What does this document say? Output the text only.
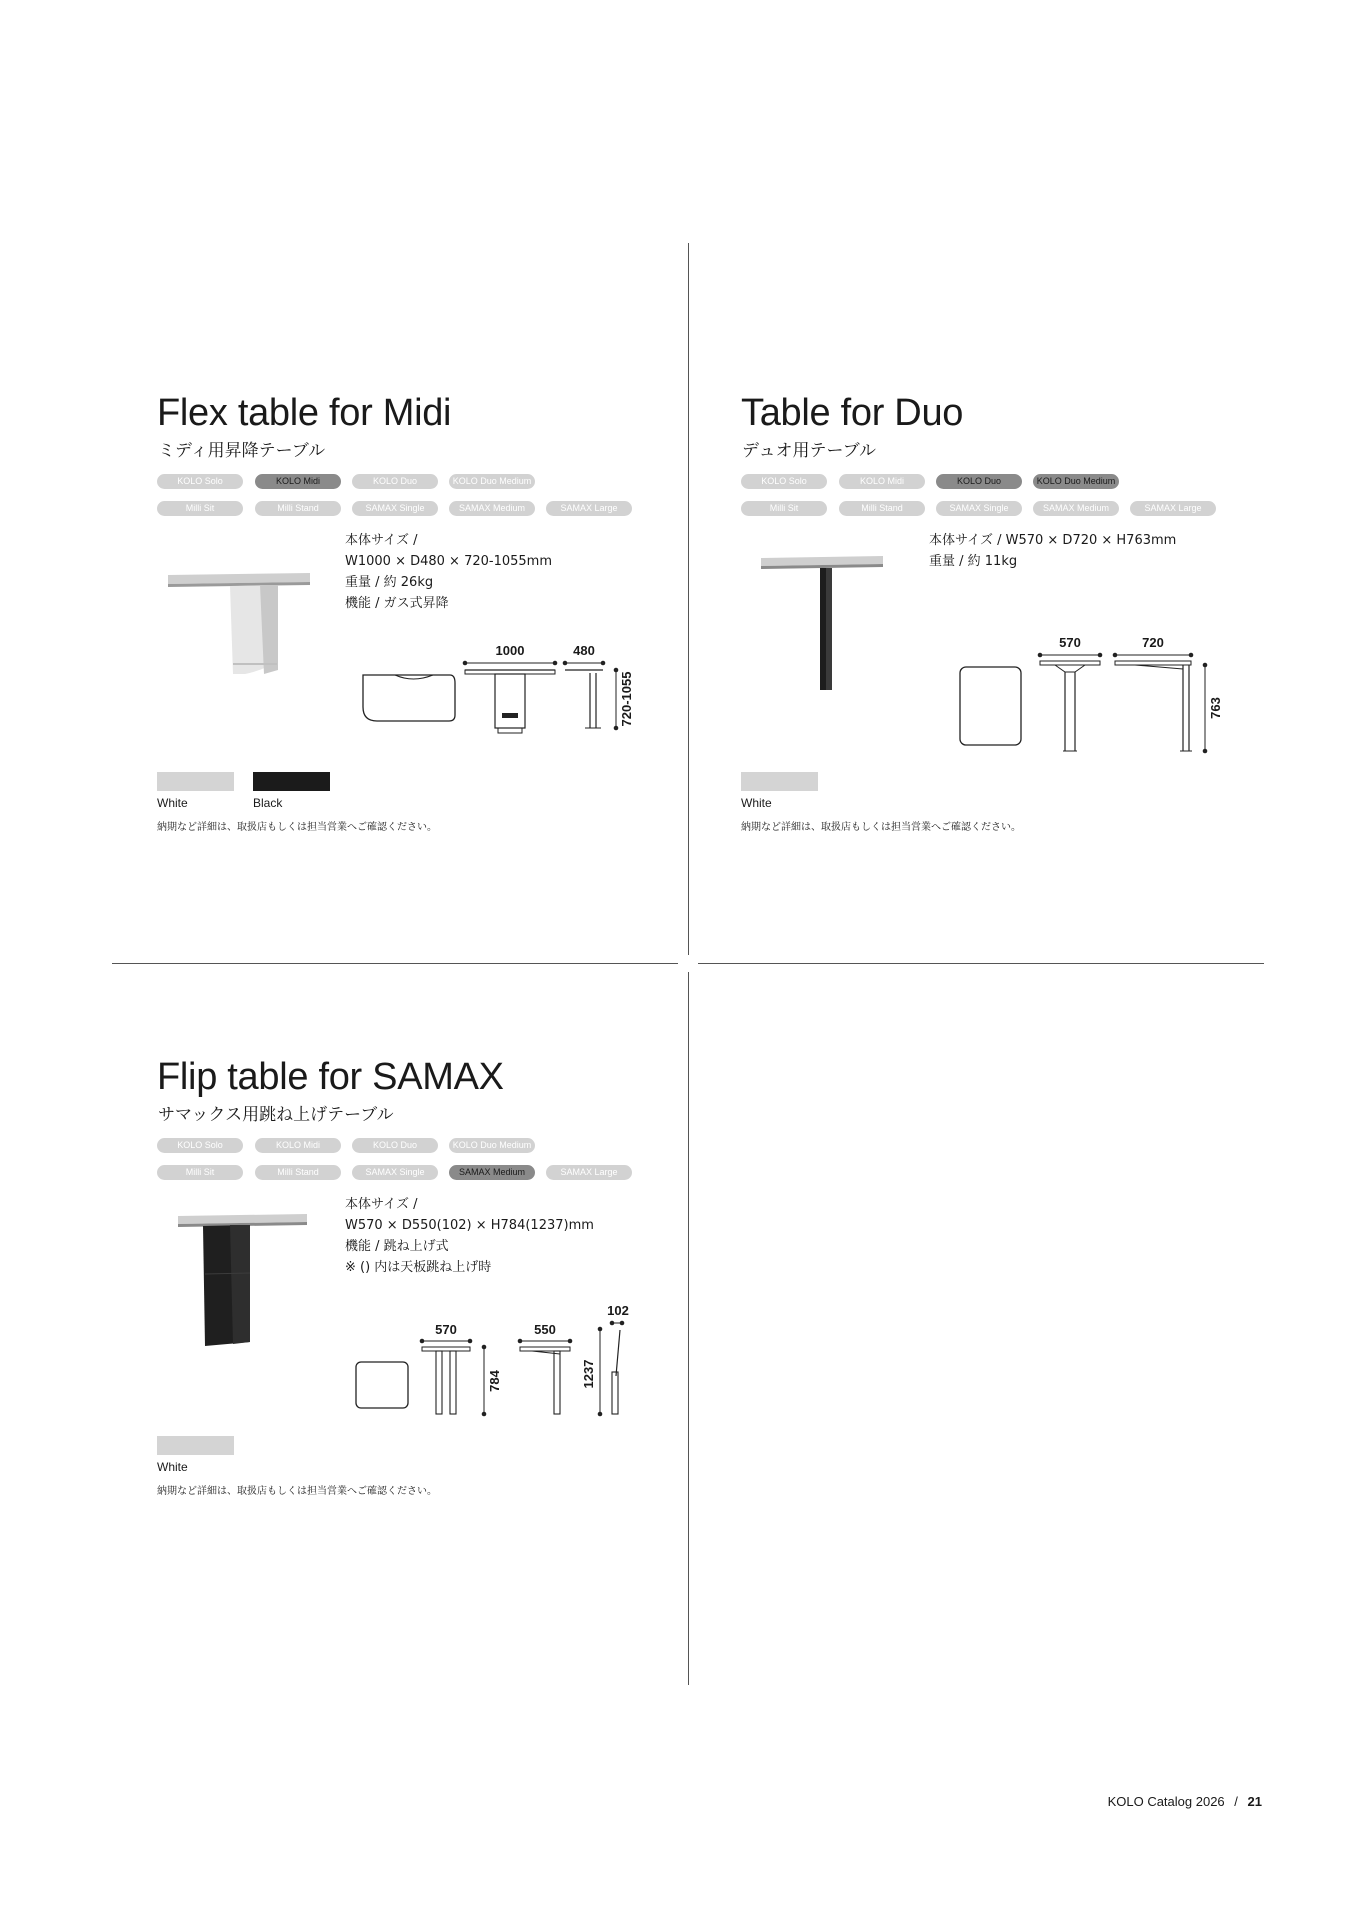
Flex table for Midi
ミディ用昇降テーブル
KOLO Solo	KOLO Midi	KOLO Duo	KOLO Duo Medium
Milli Sit	Milli Stand	SAMAX Single	SAMAX Medium	SAMAX Large
本体サイズ /
W1000 × D480 × 720-1055mm
重量 / 約 26kg
機能 / ガス式昇降
1000	480
720-1055
White	Black
納期など詳細は、取扱店もしくは担当営業へご確認ください。
Table for Duo
デュオ用テーブル
KOLO Solo	KOLO Midi	KOLO Duo	KOLO Duo Medium
Milli Sit	Milli Stand	SAMAX Single	SAMAX Medium	SAMAX Large
本体サイズ / W570 × D720 × H763mm
重量 / 約 11kg
570	720
763
White
納期など詳細は、取扱店もしくは担当営業へご確認ください。
Flip table for SAMAX
サマックス用跳ね上げテーブル
KOLO Solo	KOLO Midi	KOLO Duo	KOLO Duo Medium
Milli Sit	Milli Stand	SAMAX Single	SAMAX Medium	SAMAX Large
本体サイズ /
W570 × D550(102) × H784(1237)mm
機能 / 跳ね上げ式
※ () 内は天板跳ね上げ時
570
784
550
1237
102
White
納期など詳細は、取扱店もしくは担当営業へご確認ください。
KOLO Catalog 2026 / 21
